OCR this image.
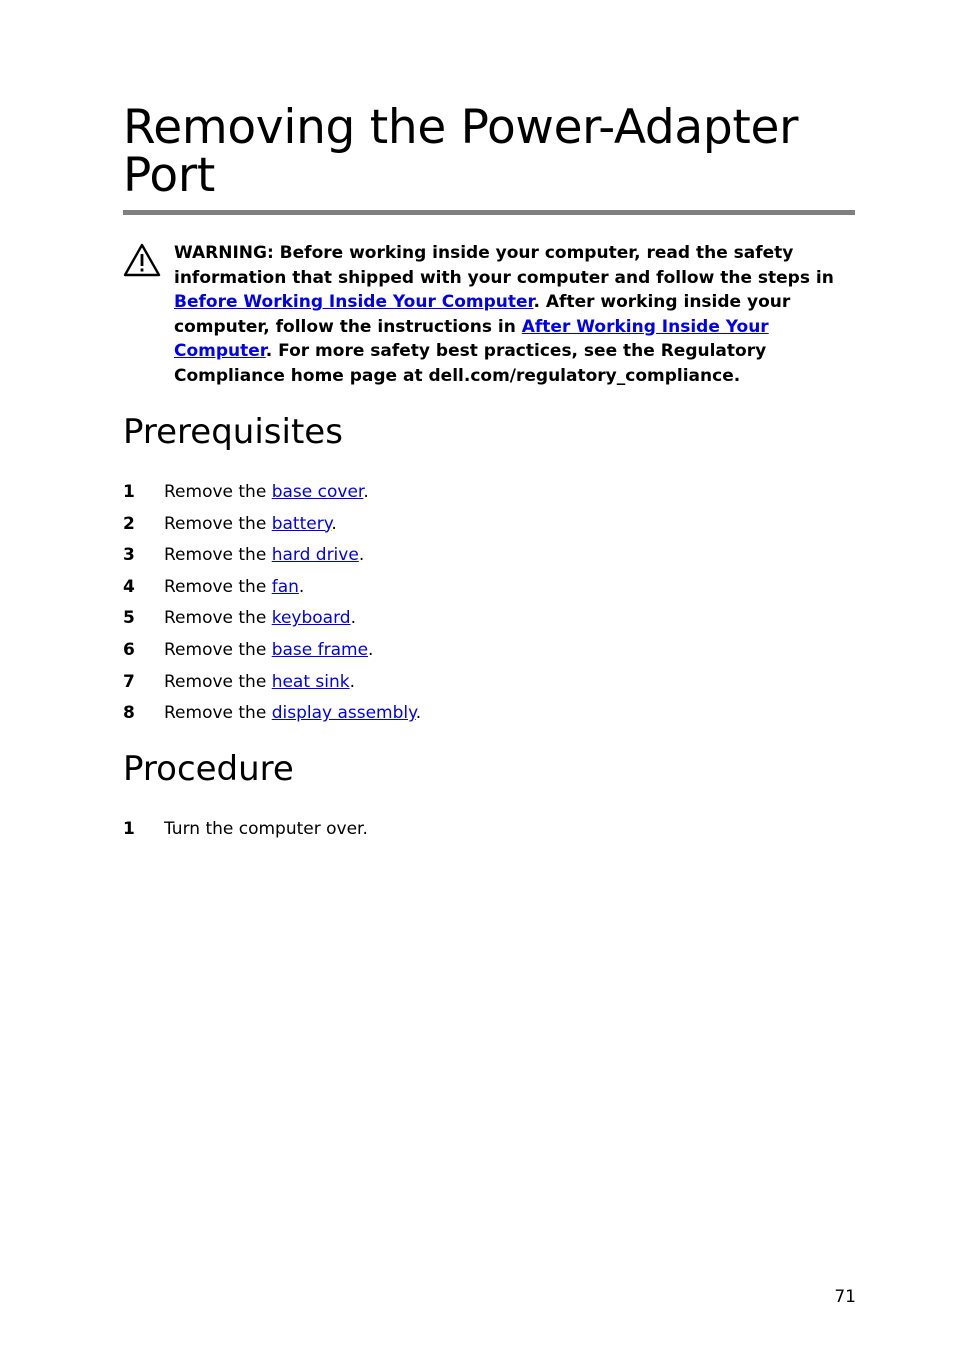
Removing the Power-Adapter Port

WARNING: Before working inside your computer, read the safety information that shipped with your computer and follow the steps in Before Working Inside Your Computer. After working inside your computer, follow the instructions in After Working Inside Your Computer. For more safety best practices, see the Regulatory Compliance home page at dell.com/regulatory_compliance.

Prerequisites
1 Remove the base cover.
2 Remove the battery.
3 Remove the hard drive.
4 Remove the fan.
5 Remove the keyboard.
6 Remove the base frame.
7 Remove the heat sink.
8 Remove the display assembly.
Procedure
1 Turn the computer over.
71
